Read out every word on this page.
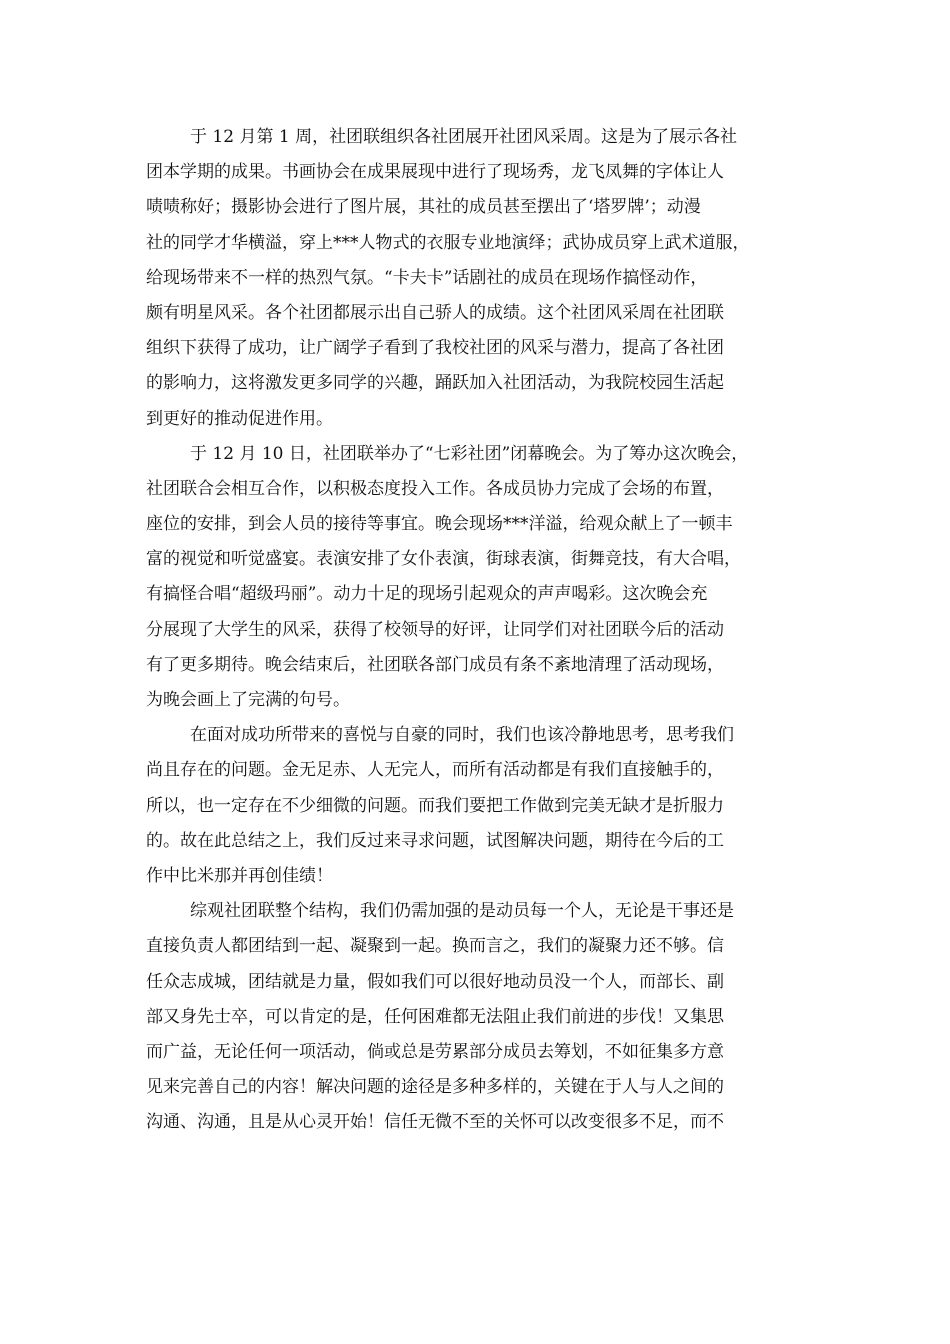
于 12 月第 1 周，社团联组织各社团展开社团风采周。这是为了展示各社
团本学期的成果。书画协会在成果展现中进行了现场秀，龙飞凤舞的字体让人
啧啧称好；摄影协会进行了图片展，其社的成员甚至摆出了‘塔罗牌’；动漫
社的同学才华横溢，穿上***人物式的衣服专业地演绎；武协成员穿上武术道服，
给现场带来不一样的热烈气氛。“卡夫卡”话剧社的成员在现场作搞怪动作，
颇有明星风采。各个社团都展示出自己骄人的成绩。这个社团风采周在社团联
组织下获得了成功，让广阔学子看到了我校社团的风采与潜力，提高了各社团
的影响力，这将激发更多同学的兴趣，踊跃加入社团活动，为我院校园生活起
到更好的推动促进作用。
于 12 月 10 日，社团联举办了“七彩社团”闭幕晚会。为了筹办这次晚会，
社团联合会相互合作，以积极态度投入工作。各成员协力完成了会场的布置，
座位的安排，到会人员的接待等事宜。晚会现场***洋溢，给观众献上了一顿丰
富的视觉和听觉盛宴。表演安排了女仆表演，街球表演，街舞竞技，有大合唱，
有搞怪合唱“超级玛丽”。动力十足的现场引起观众的声声喝彩。这次晚会充
分展现了大学生的风采，获得了校领导的好评，让同学们对社团联今后的活动
有了更多期待。晚会结束后，社团联各部门成员有条不紊地清理了活动现场，
为晚会画上了完满的句号。
在面对成功所带来的喜悦与自豪的同时，我们也该冷静地思考，思考我们
尚且存在的问题。金无足赤、人无完人，而所有活动都是有我们直接触手的，
所以，也一定存在不少细微的问题。而我们要把工作做到完美无缺才是折服力
的。故在此总结之上，我们反过来寻求问题，试图解决问题，期待在今后的工
作中比米那并再创佳绩！
综观社团联整个结构，我们仍需加强的是动员每一个人，无论是干事还是
直接负责人都团结到一起、凝聚到一起。换而言之，我们的凝聚力还不够。信
任众志成城，团结就是力量，假如我们可以很好地动员没一个人，而部长、副
部又身先士卒，可以肯定的是，任何困难都无法阻止我们前进的步伐！又集思
而广益，无论任何一项活动，倘或总是劳累部分成员去筹划，不如征集多方意
见来完善自己的内容！解决问题的途径是多种多样的，关键在于人与人之间的
沟通、沟通，且是从心灵开始！信任无微不至的关怀可以改变很多不足，而不
